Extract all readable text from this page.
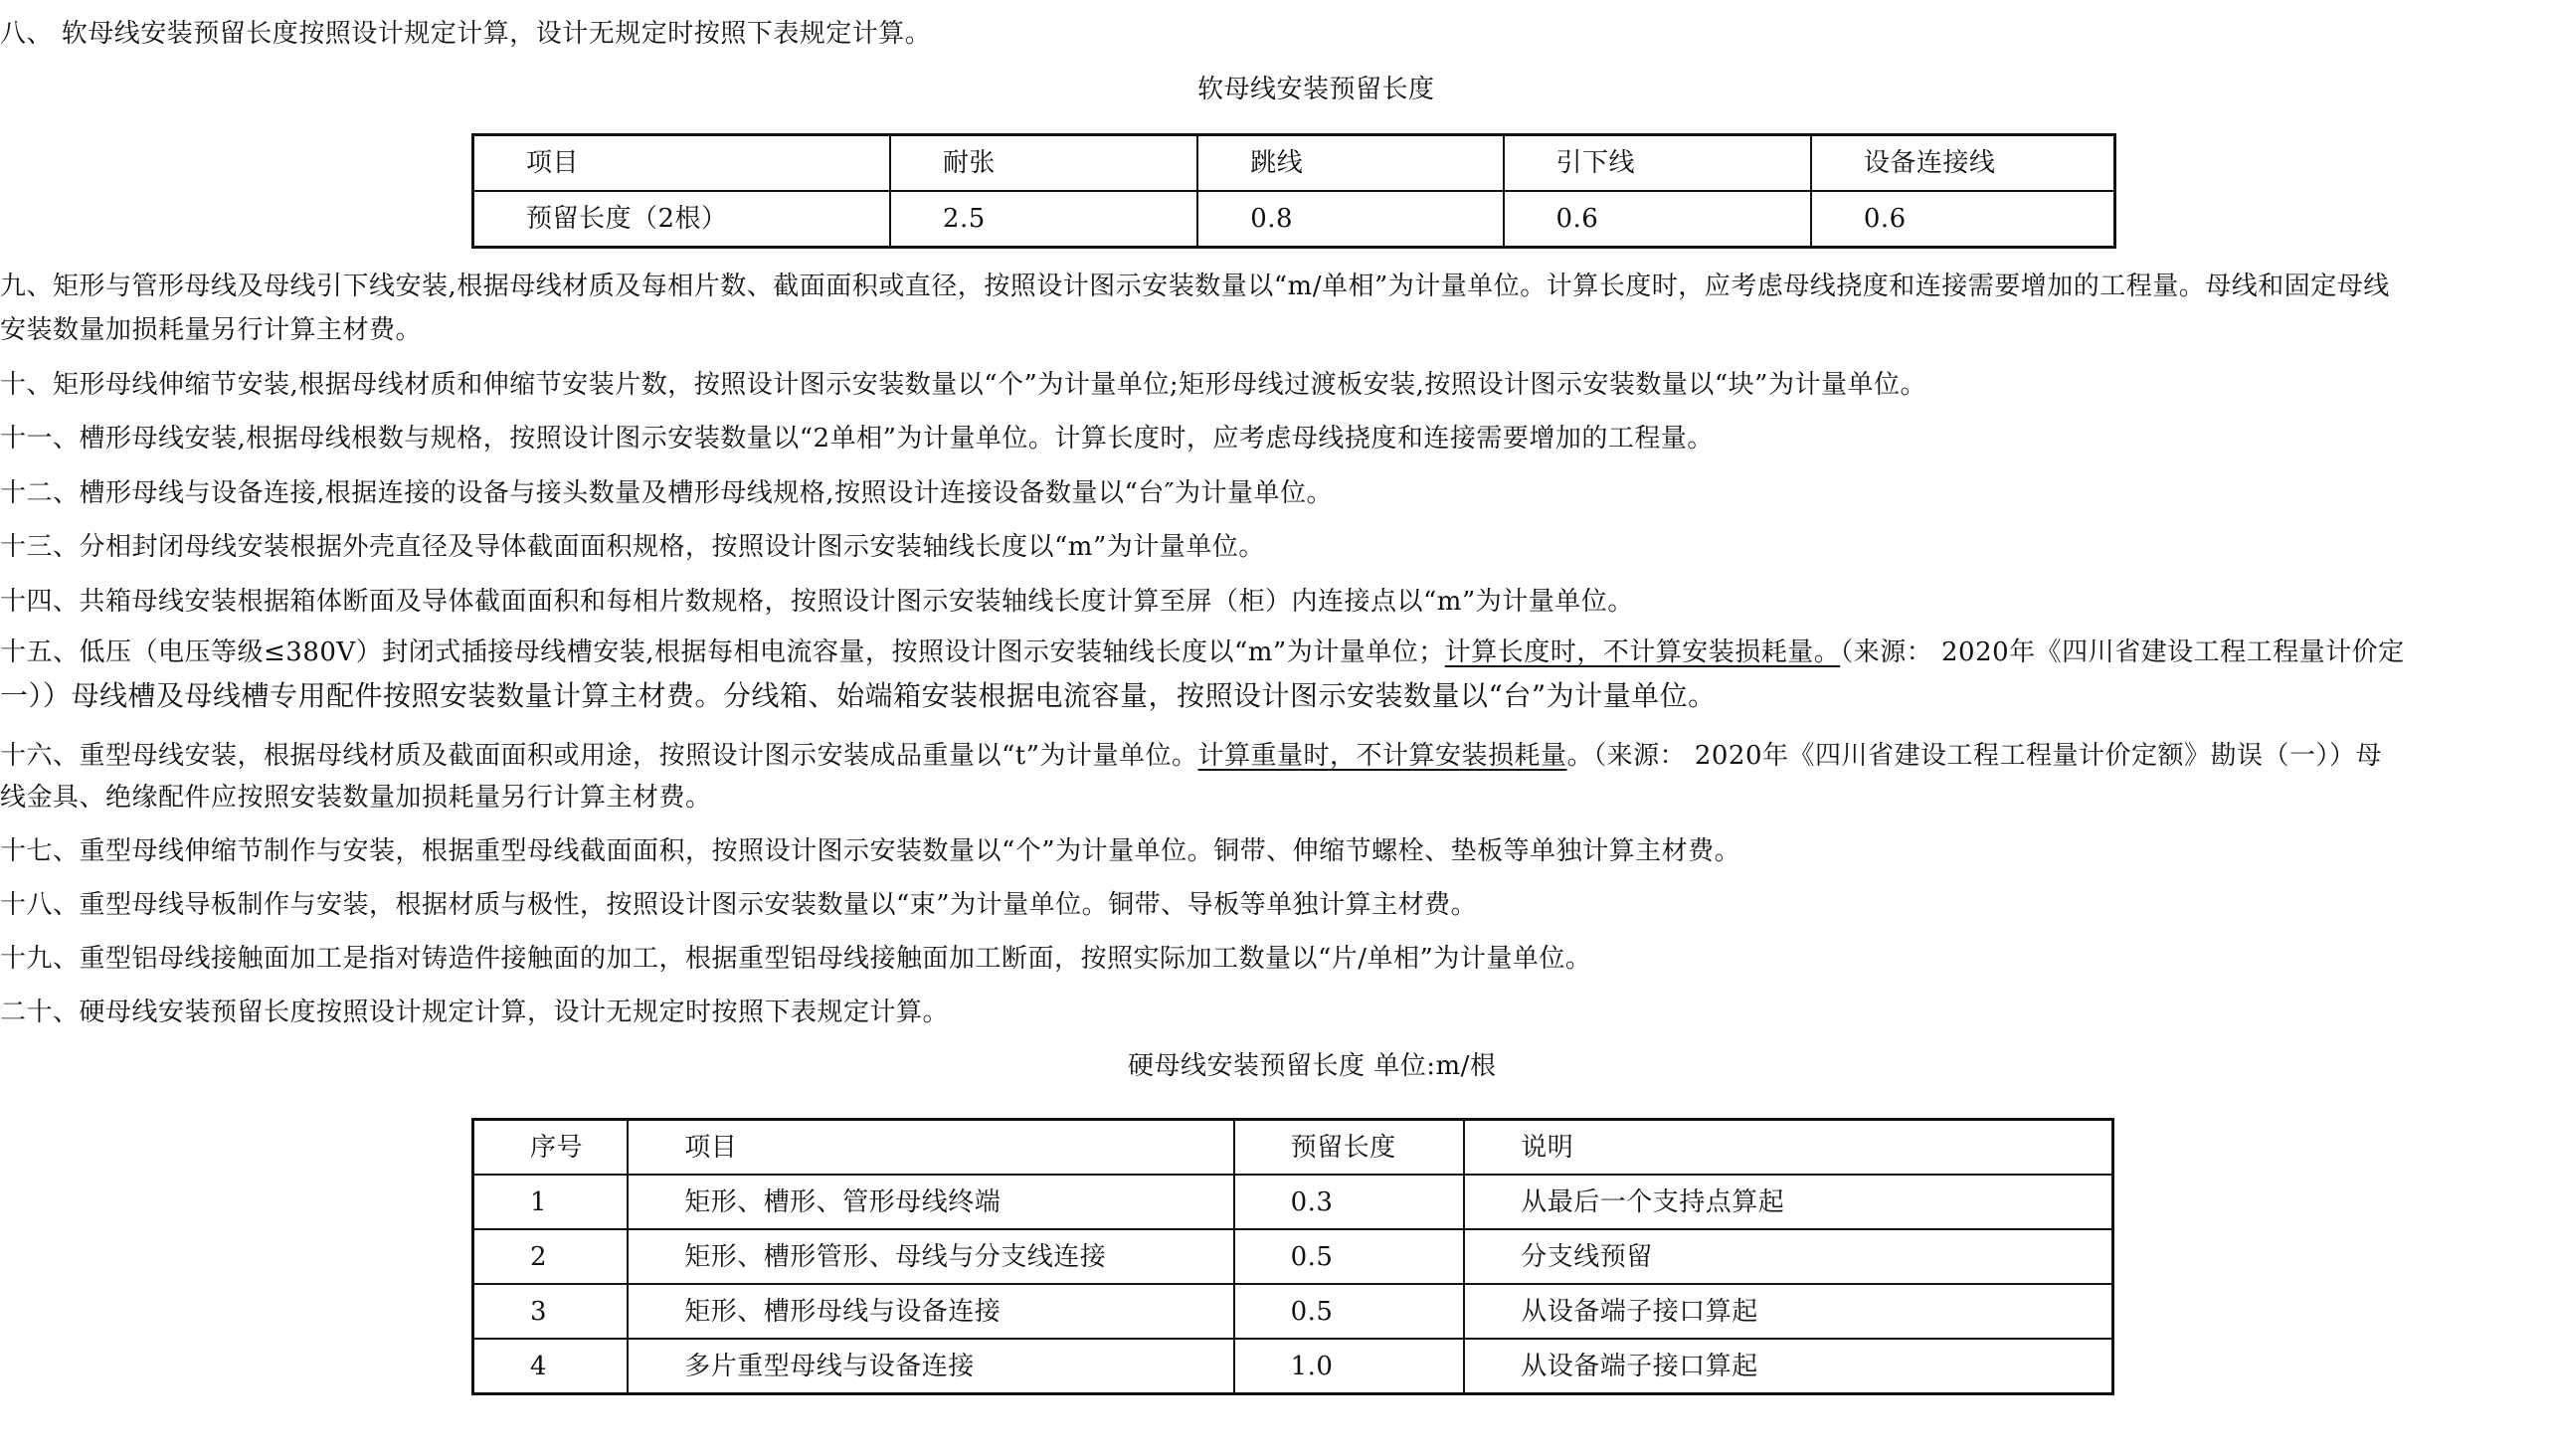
八、 软母线安装预留长度按照设计规定计算，设计无规定时按照下表规定计算。
软母线安装预留长度
项目	耐张	跳线	引下线	设备连接线
预留长度（2根）	2.5	0.8	0.6	0.6
九、矩形与管形母线及母线引下线安装,根据母线材质及每相片数、截面面积或直径，按照设计图示安装数量以“m/单相”为计量单位。计算长度时，应考虑母线挠度和连接需要增加的工程量。母线和固定母线
安装数量加损耗量另行计算主材费。
十、矩形母线伸缩节安装,根据母线材质和伸缩节安装片数，按照设计图示安装数量以“个”为计量单位;矩形母线过渡板安装,按照设计图示安装数量以“块”为计量单位。
十一、槽形母线安装,根据母线根数与规格，按照设计图示安装数量以“2单相”为计量单位。计算长度时，应考虑母线挠度和连接需要增加的工程量。
十二、槽形母线与设备连接,根据连接的设备与接头数量及槽形母线规格,按照设计连接设备数量以“台″为计量单位。
十三、分相封闭母线安装根据外壳直径及导体截面面积规格，按照设计图示安装轴线长度以“m”为计量单位。
十四、共箱母线安装根据箱体断面及导体截面面积和每相片数规格，按照设计图示安装轴线长度计算至屏（柜）内连接点以“m”为计量单位。
十五、低压（电压等级≤380V）封闭式插接母线槽安装,根据每相电流容量，按照设计图示安装轴线长度以“m”为计量单位；计算长度时，不计算安装损耗量。（来源： 2020年《四川省建设工程工程量计价定
一））母线槽及母线槽专用配件按照安装数量计算主材费。分线箱、始端箱安装根据电流容量，按照设计图示安装数量以“台”为计量单位。
十六、重型母线安装，根据母线材质及截面面积或用途，按照设计图示安装成品重量以“t”为计量单位。计算重量时，不计算安装损耗量。（来源： 2020年《四川省建设工程工程量计价定额》勘误（一））母
线金具、绝缘配件应按照安装数量加损耗量另行计算主材费。
十七、重型母线伸缩节制作与安装，根据重型母线截面面积，按照设计图示安装数量以“个”为计量单位。铜带、伸缩节螺栓、垫板等单独计算主材费。
十八、重型母线导板制作与安装，根据材质与极性，按照设计图示安装数量以“束”为计量单位。铜带、导板等单独计算主材费。
十九、重型铝母线接触面加工是指对铸造件接触面的加工，根据重型铝母线接触面加工断面，按照实际加工数量以“片/单相”为计量单位。
二十、硬母线安装预留长度按照设计规定计算，设计无规定时按照下表规定计算。
硬母线安装预留长度 单位:m/根
序号	项目	预留长度	说明
1	矩形、槽形、管形母线终端	0.3	从最后一个支持点算起
2	矩形、槽形管形、母线与分支线连接	0.5	分支线预留
3	矩形、槽形母线与设备连接	0.5	从设备端子接口算起
4	多片重型母线与设备连接	1.0	从设备端子接口算起
